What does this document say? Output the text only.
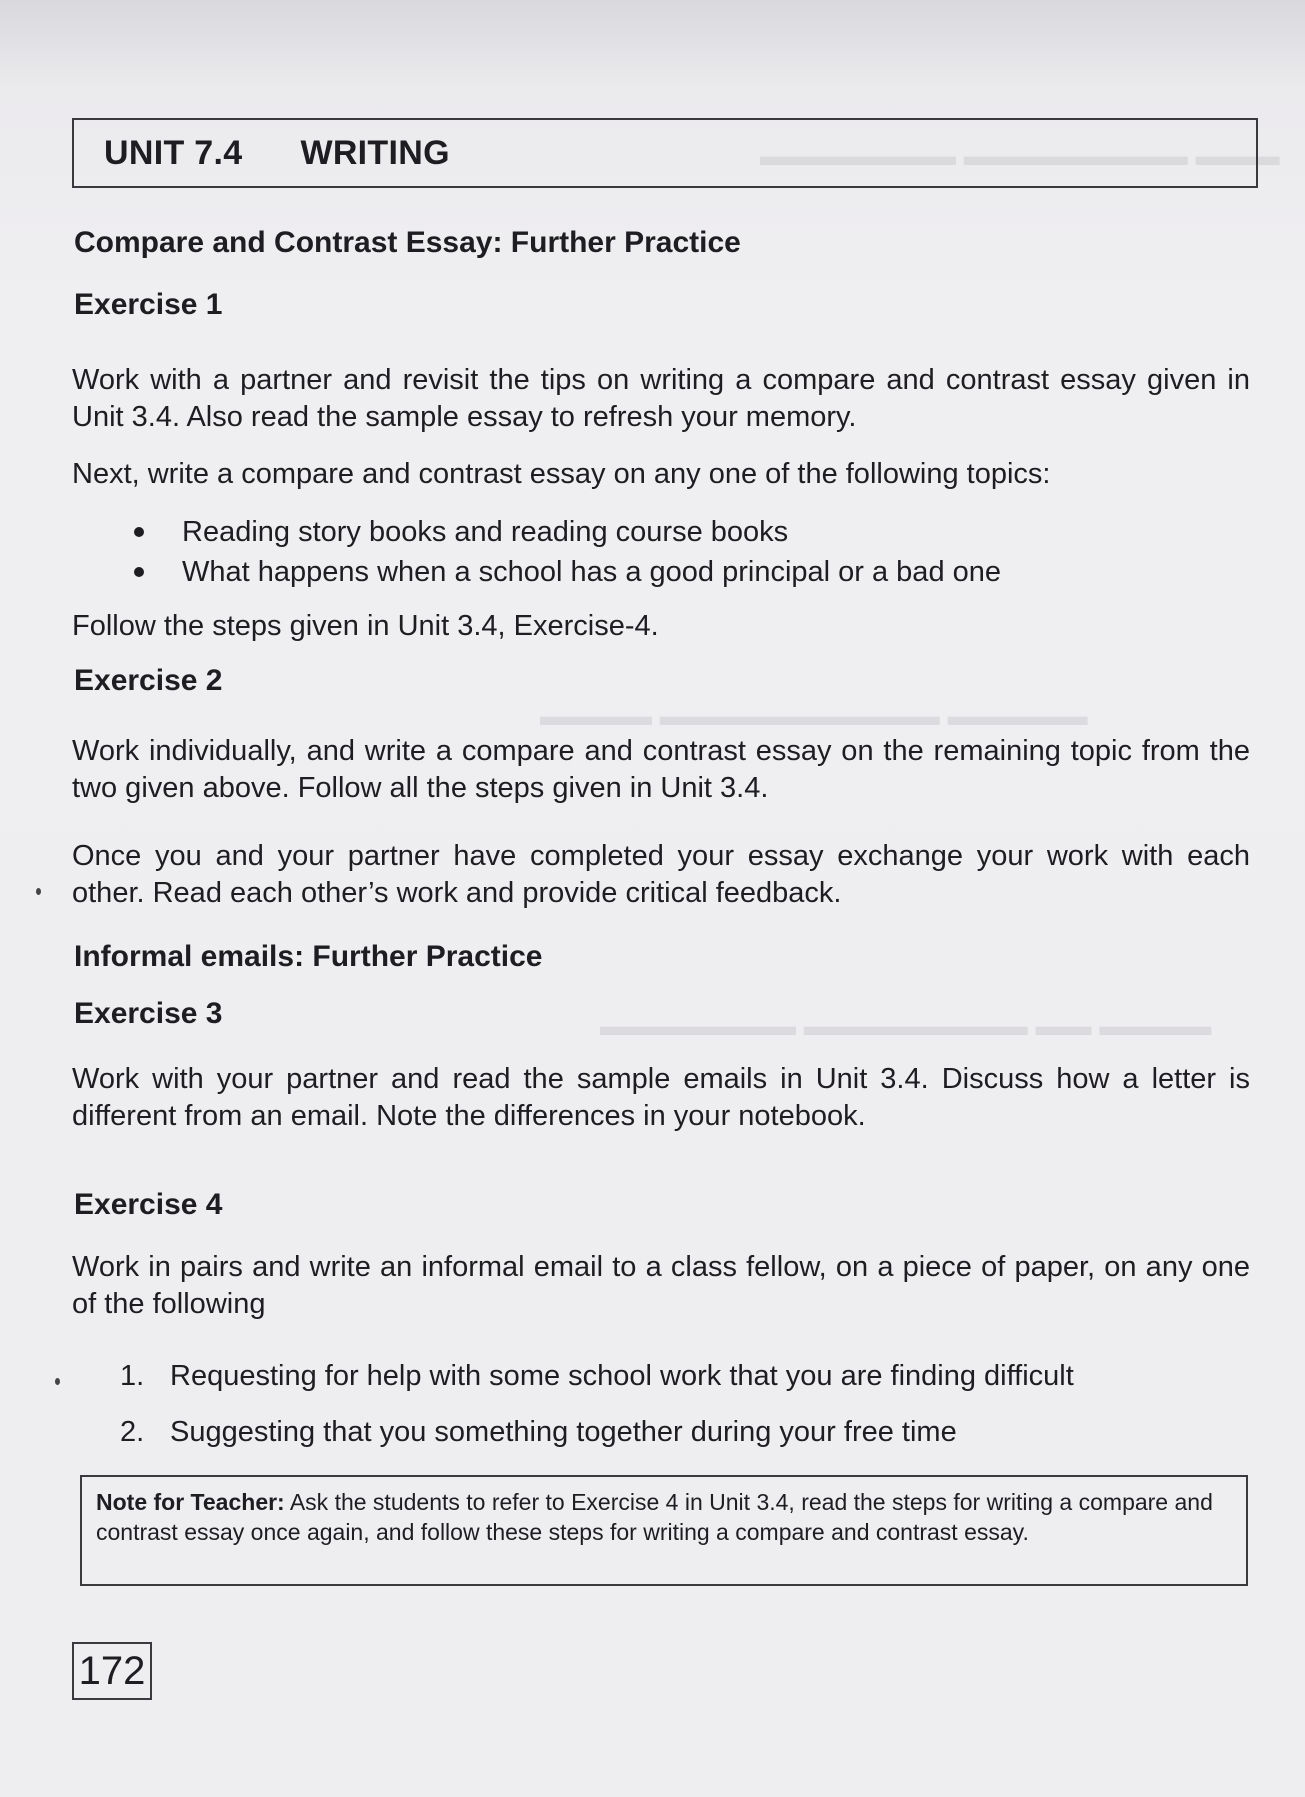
▬▬▬ ▬▬▬▬▬▬▬▬ ▬▬▬▬▬▬▬
▬▬▬▬▬ ▬▬▬▬▬▬▬▬▬▬ ▬▬▬▬
▬▬▬▬ ▬▬ ▬▬▬▬▬▬▬▬ ▬▬▬▬▬▬▬
UNIT 7.4 WRITING
Compare and Contrast Essay: Further Practice
Exercise 1

Work with a partner and revisit the tips on writing a compare and contrast essay given in Unit 3.4. Also read the sample essay to refresh your memory.

Next, write a compare and contrast essay on any one of the following topics:

Reading story books and reading course books
What happens when a school has a good principal or a bad one

Follow the steps given in Unit 3.4, Exercise-4.

Exercise 2

Work individually, and write a compare and contrast essay on the remaining topic from the two given above. Follow all the steps given in Unit 3.4.

Once you and your partner have completed your essay exchange your work with each other. Read each other’s work and provide critical feedback.

Informal emails: Further Practice
Exercise 3

Work with your partner and read the sample emails in Unit 3.4. Discuss how a letter is different from an email. Note the differences in your notebook.

Exercise 4

Work in pairs and write an informal email to a class fellow, on a piece of paper, on any one of the following

1. Requesting for help with some school work that you are finding difficult
2. Suggesting that you something together during your free time
Note for Teacher: Ask the students to refer to Exercise 4 in Unit 3.4, read the steps for writing a compare and contrast essay once again, and follow these steps for writing a compare and contrast essay.
172
